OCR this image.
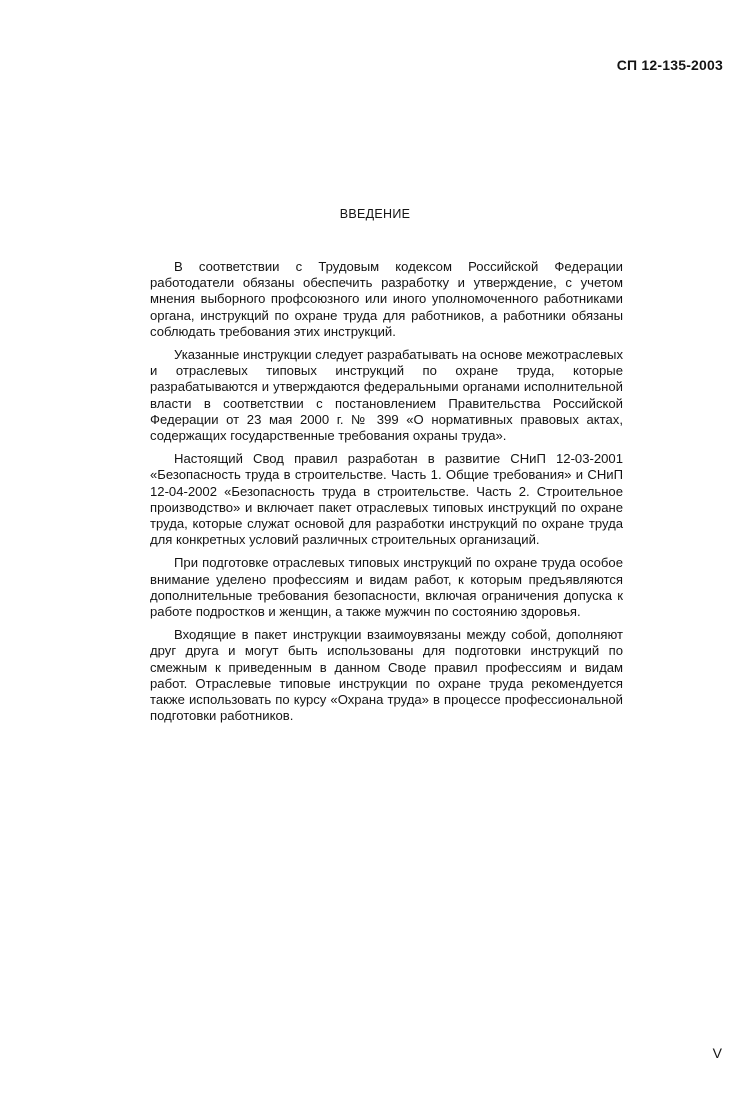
СП 12-135-2003
ВВЕДЕНИЕ

В соответствии с Трудовым кодексом Российской Федерации работодатели обязаны обеспечить разработку и утверждение, с учетом мнения выборного профсоюзного или иного уполномоченного работниками органа, инструкций по охране труда для работников, а работники обязаны соблюдать требования этих инструкций.

Указанные инструкции следует разрабатывать на основе межотраслевых и отраслевых типовых инструкций по охране труда, которые разрабатываются и утверждаются федеральными органами исполнительной власти в соответствии с постановлением Правительства Российской Федерации от 23 мая 2000 г. № 399 «О нормативных правовых актах, содержащих государственные требования охраны труда».

Настоящий Свод правил разработан в развитие СНиП 12-03-2001 «Безопасность труда в строительстве. Часть 1. Общие требования» и СНиП 12-04-2002 «Безопасность труда в строительстве. Часть 2. Строительное производство» и включает пакет отраслевых типовых инструкций по охране труда, которые служат основой для разработки инструкций по охране труда для конкретных условий различных строительных организаций.

При подготовке отраслевых типовых инструкций по охране труда особое внимание уделено профессиям и видам работ, к которым предъявляются дополнительные требования безопасности, включая ограничения допуска к работе подростков и женщин, а также мужчин по состоянию здоровья.

Входящие в пакет инструкции взаимоувязаны между собой, дополняют друг друга и могут быть использованы для подготовки инструкций по смежным к приведенным в данном Своде правил профессиям и видам работ. Отраслевые типовые инструкции по охране труда рекомендуется также использовать по курсу «Охрана труда» в процессе профессиональной подготовки работников.

V
